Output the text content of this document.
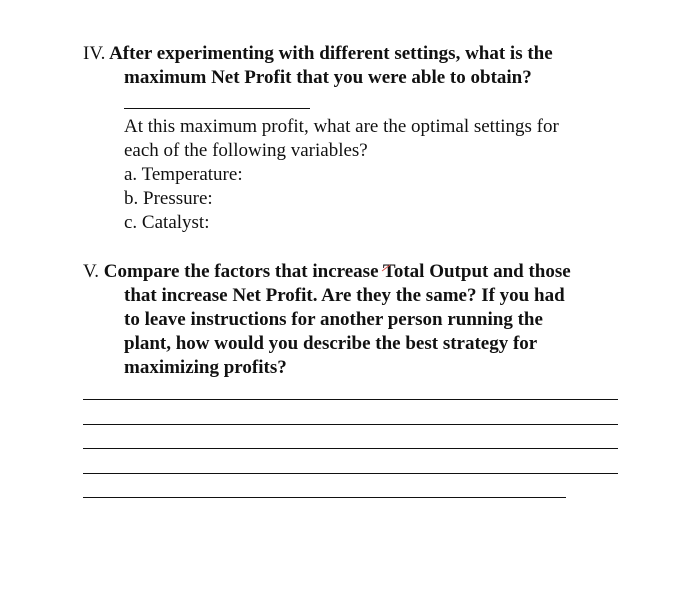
IV. After experimenting with different settings, what is the
maximum Net Profit that you were able to obtain?
At this maximum profit, what are the optimal settings for
each of the following variables?
a. Temperature:
b. Pressure:
c. Catalyst:
V. Compare the factors that increase Total Output and those
that increase Net Profit. Are they the same? If you had
to leave instructions for another person running the
plant, how would you describe the best strategy for
maximizing profits?
